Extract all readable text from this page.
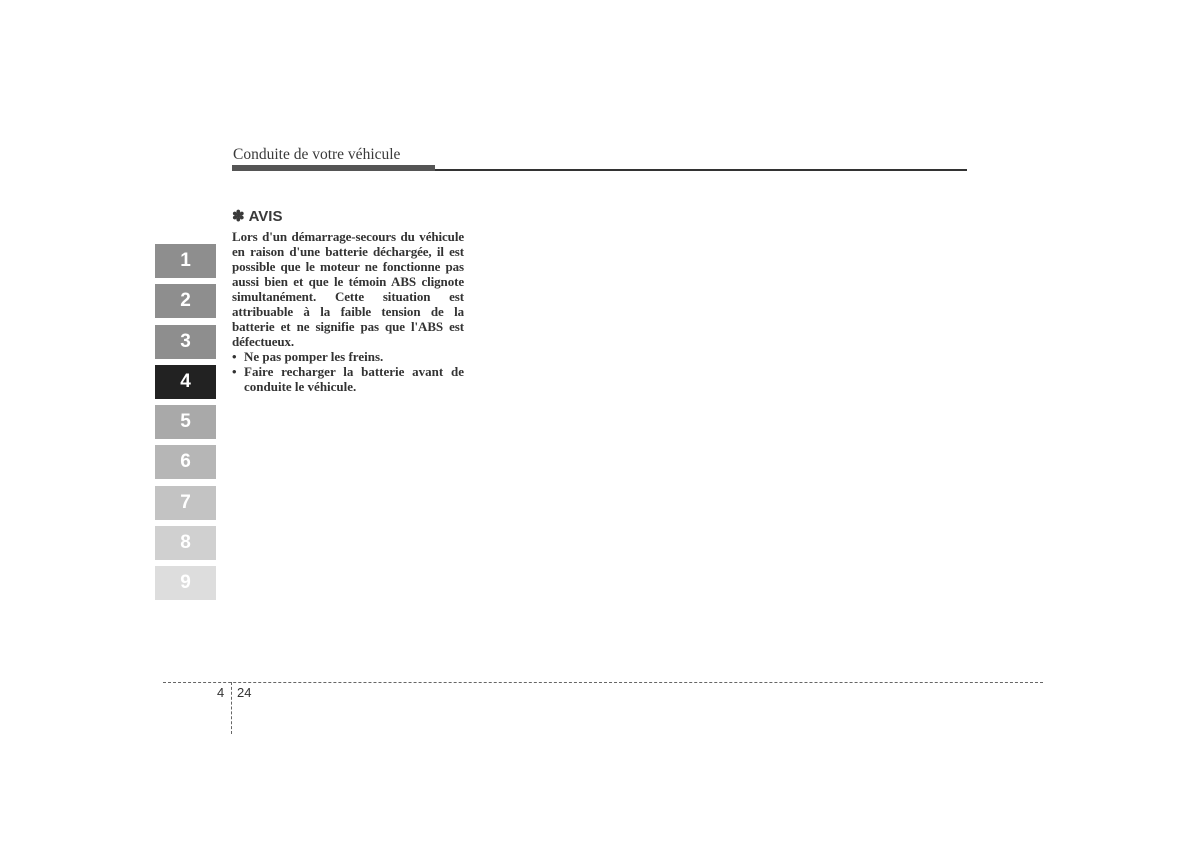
Conduite de votre véhicule
1
2
3
4
5
6
7
8
9
✽ AVIS

Lors d'un démarrage-secours du véhicule en raison d'une batterie déchargée, il est possible que le moteur ne fonctionne pas aussi bien et que le témoin ABS clignote simultanément. Cette situation est attribuable à la faible tension de la batterie et ne signifie pas que l'ABS est défectueux.

• Ne pas pomper les freins.
• Faire recharger la batterie avant de conduite le véhicule.
4 24
